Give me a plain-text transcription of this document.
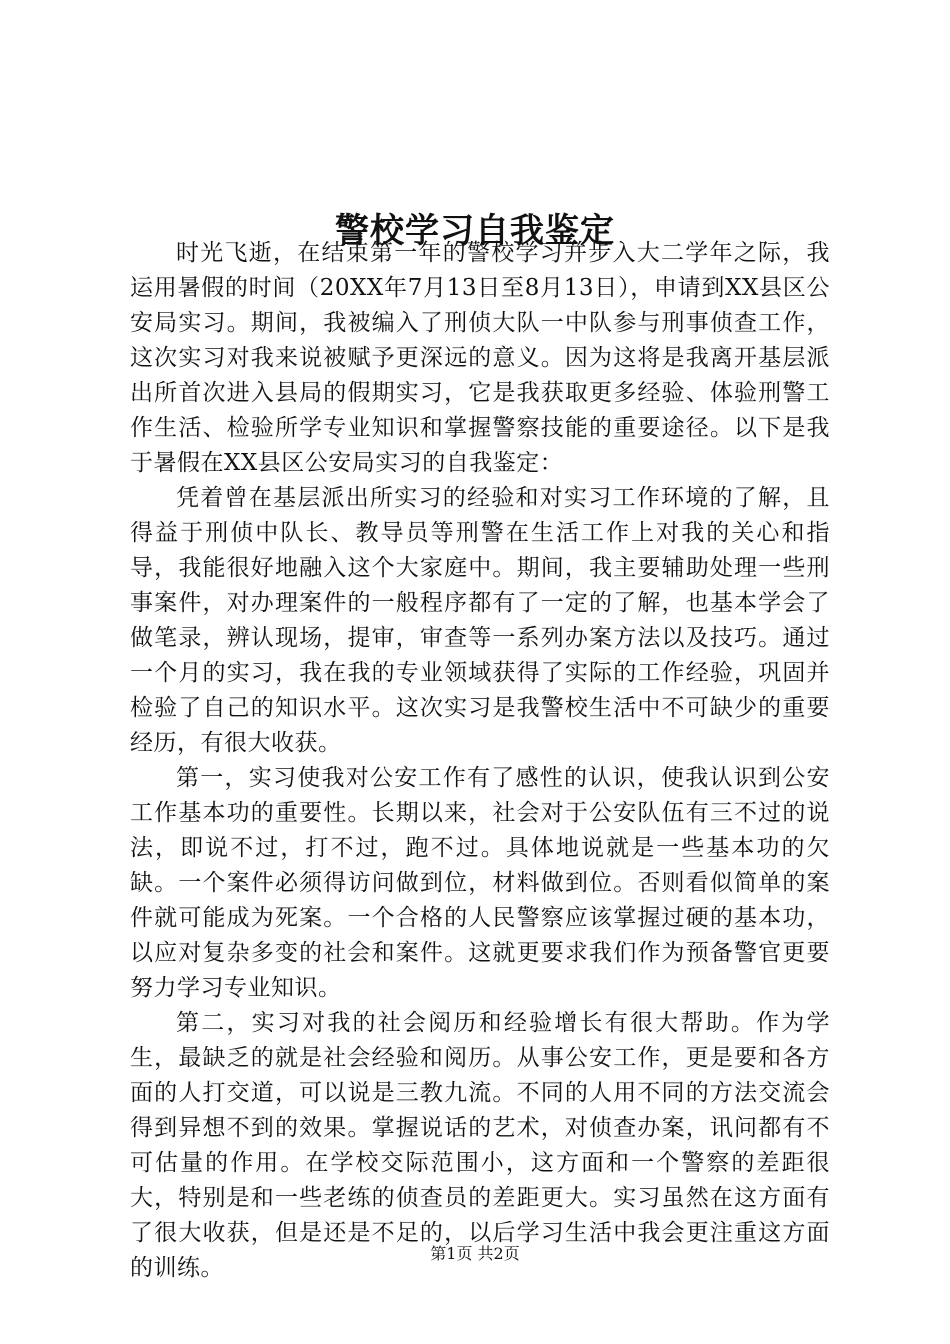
警校学习自我鉴定

时光飞逝，在结束第一年的警校学习并步入大二学年之际，我运用暑假的时间（20XX年7月13日至8月13日），申请到XX县区公安局实习。期间，我被编入了刑侦大队一中队参与刑事侦查工作，这次实习对我来说被赋予更深远的意义。因为这将是我离开基层派出所首次进入县局的假期实习，它是我获取更多经验、体验刑警工作生活、检验所学专业知识和掌握警察技能的重要途径。以下是我于暑假在XX县区公安局实习的自我鉴定：

凭着曾在基层派出所实习的经验和对实习工作环境的了解，且得益于刑侦中队长、教导员等刑警在生活工作上对我的关心和指导，我能很好地融入这个大家庭中。期间，我主要辅助处理一些刑事案件，对办理案件的一般程序都有了一定的了解，也基本学会了做笔录，辨认现场，提审，审查等一系列办案方法以及技巧。通过一个月的实习，我在我的专业领域获得了实际的工作经验，巩固并检验了自己的知识水平。这次实习是我警校生活中不可缺少的重要经历，有很大收获。

第一，实习使我对公安工作有了感性的认识，使我认识到公安工作基本功的重要性。长期以来，社会对于公安队伍有三不过的说法，即说不过，打不过，跑不过。具体地说就是一些基本功的欠缺。一个案件必须得访问做到位，材料做到位。否则看似简单的案件就可能成为死案。一个合格的人民警察应该掌握过硬的基本功，以应对复杂多变的社会和案件。这就更要求我们作为预备警官更要努力学习专业知识。

第二，实习对我的社会阅历和经验增长有很大帮助。作为学生，最缺乏的就是社会经验和阅历。从事公安工作，更是要和各方面的人打交道，可以说是三教九流。不同的人用不同的方法交流会得到异想不到的效果。掌握说话的艺术，对侦查办案，讯问都有不可估量的作用。在学校交际范围小，这方面和一个警察的差距很大，特别是和一些老练的侦查员的差距更大。实习虽然在这方面有了很大收获，但是还是不足的，以后学习生活中我会更注重这方面的训练。

第1页 共2页
